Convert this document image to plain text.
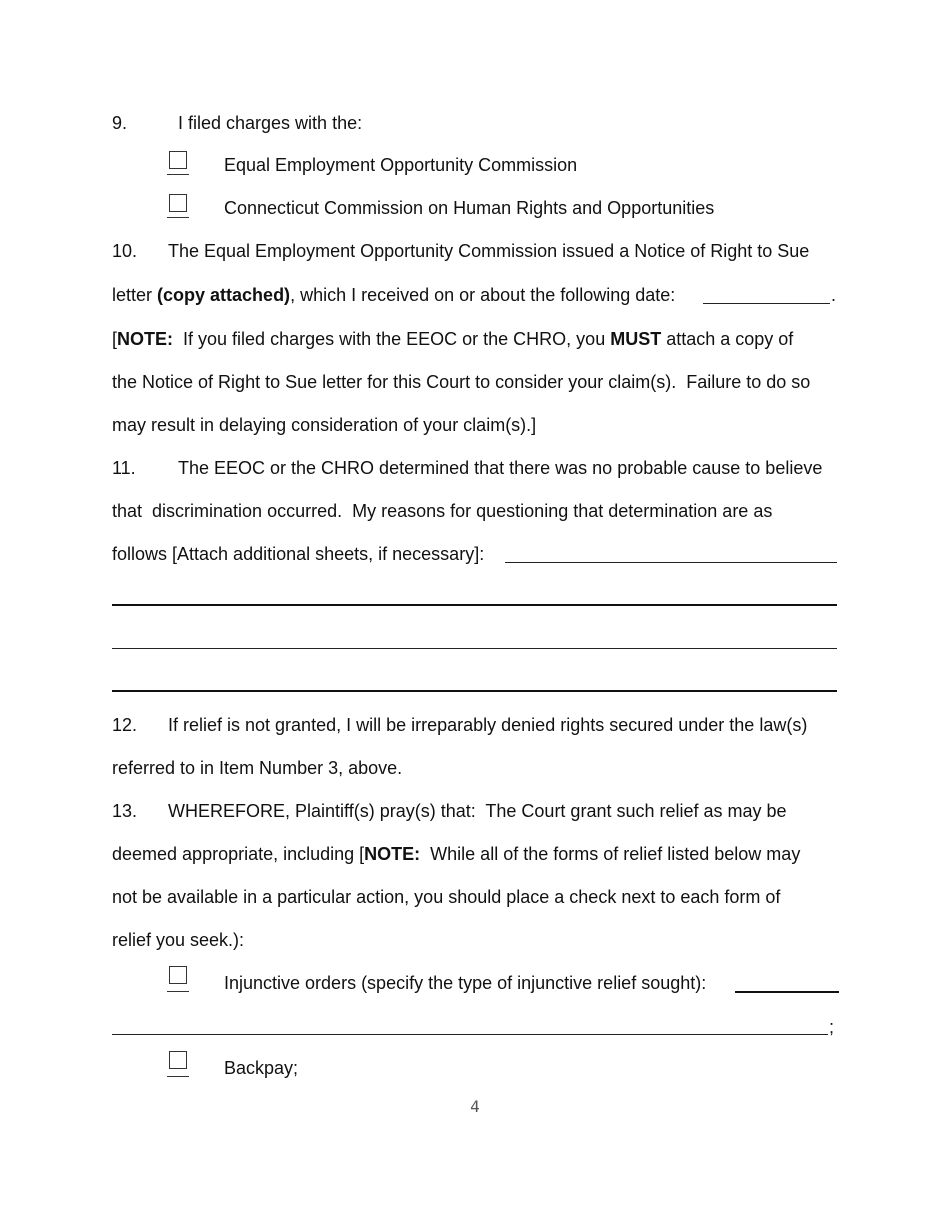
9.	I filed charges with the:
Equal Employment Opportunity Commission
Connecticut Commission on Human Rights and Opportunities
10. The Equal Employment Opportunity Commission issued a Notice of Right to Sue
letter (copy attached), which I received on or about the following date:	.
[NOTE:  If you filed charges with the EEOC or the CHRO, you MUST attach a copy of
the Notice of Right to Sue letter for this Court to consider your claim(s).  Failure to do so
may result in delaying consideration of your claim(s).]
11. The EEOC or the CHRO determined that there was no probable cause to believe
that  discrimination occurred.  My reasons for questioning that determination are as
follows [Attach additional sheets, if necessary]:
12. If relief is not granted, I will be irreparably denied rights secured under the law(s)
referred to in Item Number 3, above.
13. WHEREFORE, Plaintiff(s) pray(s) that:  The Court grant such relief as may be
deemed appropriate, including [NOTE:  While all of the forms of relief listed below may
not be available in a particular action, you should place a check next to each form of
relief you seek.):
Injunctive orders (specify the type of injunctive relief sought):
;
Backpay;
4
